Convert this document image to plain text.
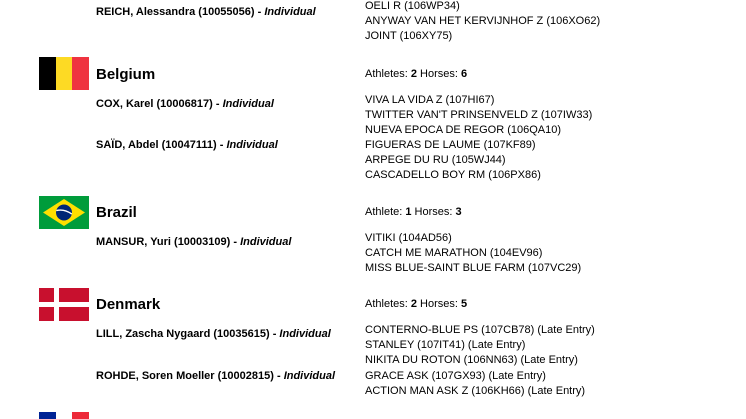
REICH, Alessandra (10055056) - Individual	OELI R (106WP34)
ANYWAY VAN HET KERVIJNHOF Z (106XO62)
JOINT (106XY75)
Belgium	Athletes: 2 Horses: 6
COX, Karel (10006817) - Individual	VIVA LA VIDA Z (107HI67)
TWITTER VAN'T PRINSENVELD Z (107IW33)
NUEVA EPOCA DE REGOR (106QA10)
SAÏD, Abdel (10047111) - Individual	FIGUERAS DE LAUME (107KF89)
ARPEGE DU RU (105WJ44)
CASCADELLO BOY RM (106PX86)
Brazil	Athlete: 1 Horses: 3
MANSUR, Yuri (10003109) - Individual	VITIKI (104AD56)
CATCH ME MARATHON (104EV96)
MISS BLUE-SAINT BLUE FARM (107VC29)
Denmark	Athletes: 2 Horses: 5
LILL, Zascha Nygaard (10035615) - Individual	CONTERNO-BLUE PS (107CB78) (Late Entry)
STANLEY (107IT41) (Late Entry)
NIKITA DU ROTON (106NN63) (Late Entry)
ROHDE, Soren Moeller (10002815) - Individual	GRACE ASK (107GX93) (Late Entry)
ACTION MAN ASK Z (106KH66) (Late Entry)
